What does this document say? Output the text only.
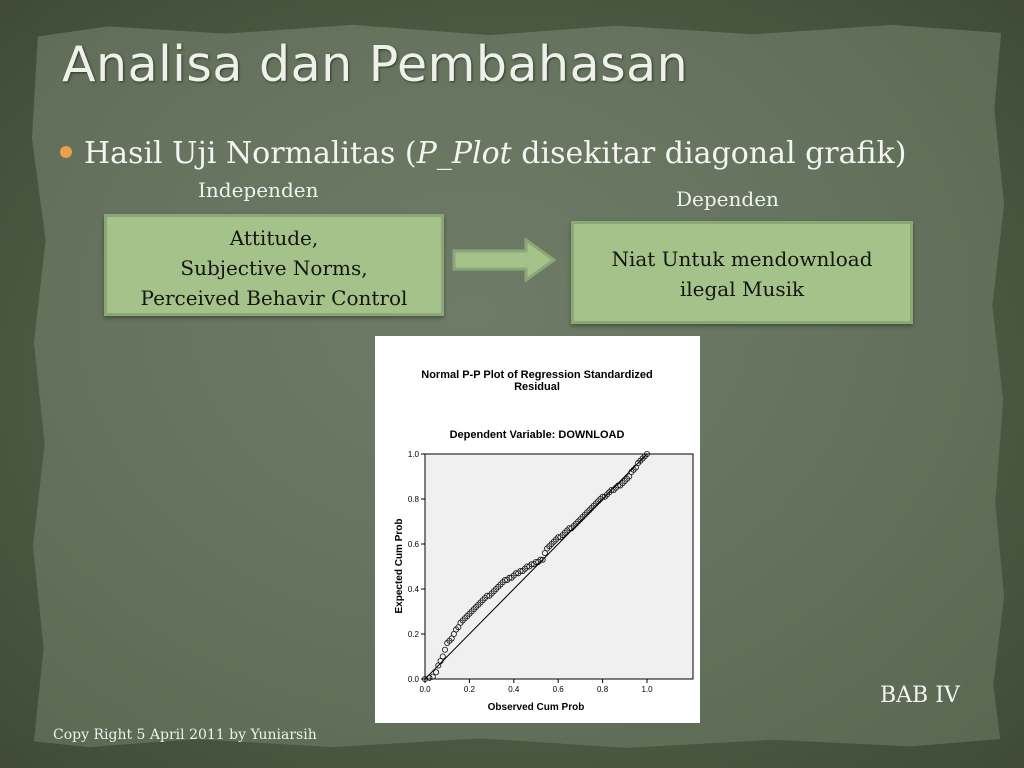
Analisa dan Pembahasan
Hasil Uji Normalitas (P_Plot disekitar diagonal grafik)
Independen	Dependen
Attitude,
Subjective Norms,
Perceived Behavir Control
Niat Untuk mendownload
ilegal Musik
Normal P-P Plot of Regression Standardized
Residual
Dependent Variable: DOWNLOAD
0.0	0.2	0.4	0.6	0.8	1.0
0.0
0.2
0.4
0.6
0.8
1.0
Observed Cum Prob
Expected Cum Prob
BAB IV
Copy Right 5 April 2011 by Yuniarsih
